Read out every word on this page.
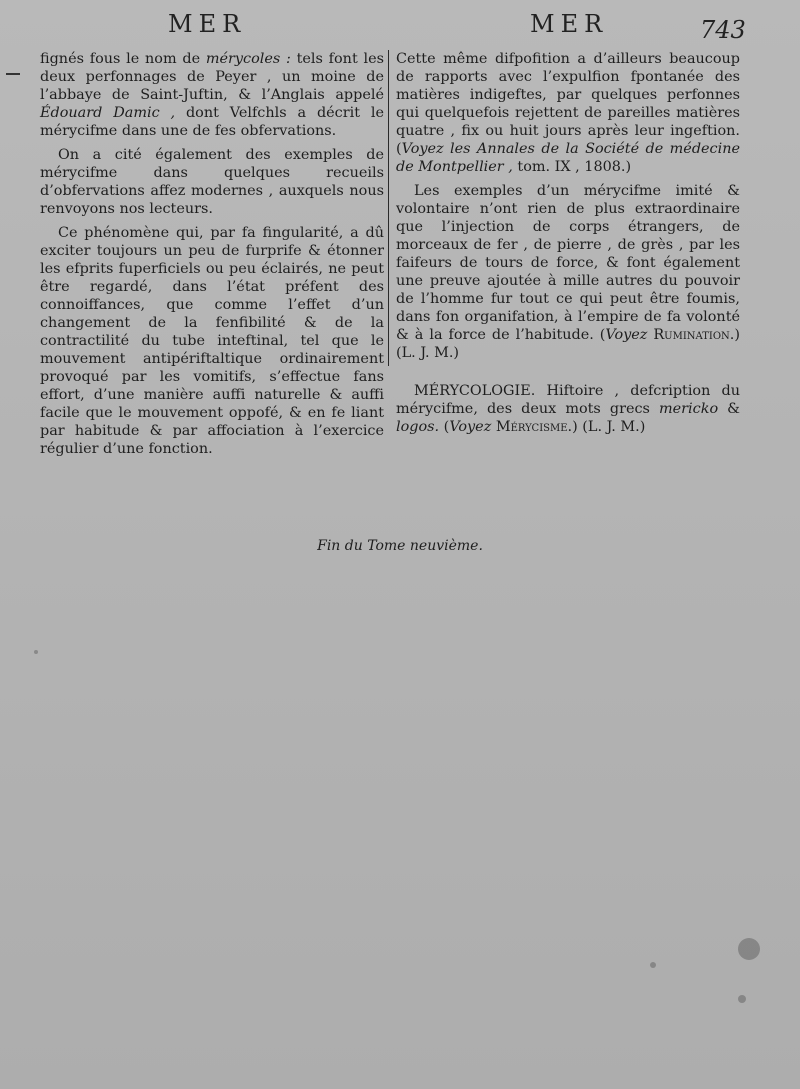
MER	MER	743

fignés fous le nom de mérycoles : tels font les deux perfonnages de Peyer , un moine de l’abbaye de Saint-Juftin, & l’Anglais appelé Édouard Damic , dont Velfchls a décrit le mérycifme dans une de fes obfervations.

On a cité également des exemples de mérycifme dans quelques recueils d’obfervations affez modernes , auxquels nous renvoyons nos lecteurs.

Ce phénomène qui, par fa fingularité, a dû exciter toujours un peu de furprife & étonner les efprits fuperficiels ou peu éclairés, ne peut être regardé, dans l’état préfent des connoiffances, que comme l’effet d’un changement de la fenfibilité & de la contractilité du tube inteftinal, tel que le mouvement antipériftaltique ordinairement provoqué par les vomitifs, s’effectue fans effort, d’une manière auffi naturelle & auffi facile que le mouvement oppofé, & en fe liant par habitude & par affociation à l’exercice régulier d’une fonction.

Cette même difpofition a d’ailleurs beaucoup de rapports avec l’expulfion fpontanée des matières indigeftes, par quelques perfonnes qui quelquefois rejettent de pareilles matières quatre , fix ou huit jours après leur ingeftion. (Voyez les Annales de la Société de médecine de Montpellier , tom. IX , 1808.)

Les exemples d’un mérycifme imité & volontaire n’ont rien de plus extraordinaire que l’injection de corps étrangers, de morceaux de fer , de pierre , de grès , par les faifeurs de tours de force, & font également une preuve ajoutée à mille autres du pouvoir de l’homme fur tout ce qui peut être foumis, dans fon organifation, à l’empire de fa volonté & à la force de l’habitude. (Voyez Rumination.) (L. J. M.)

MÉRYCOLOGIE. Hiftoire , defcription du mérycifme, des deux mots grecs mericko & logos. (Voyez Mérycisme.) (L. J. M.)

Fin du Tome neuvième.
